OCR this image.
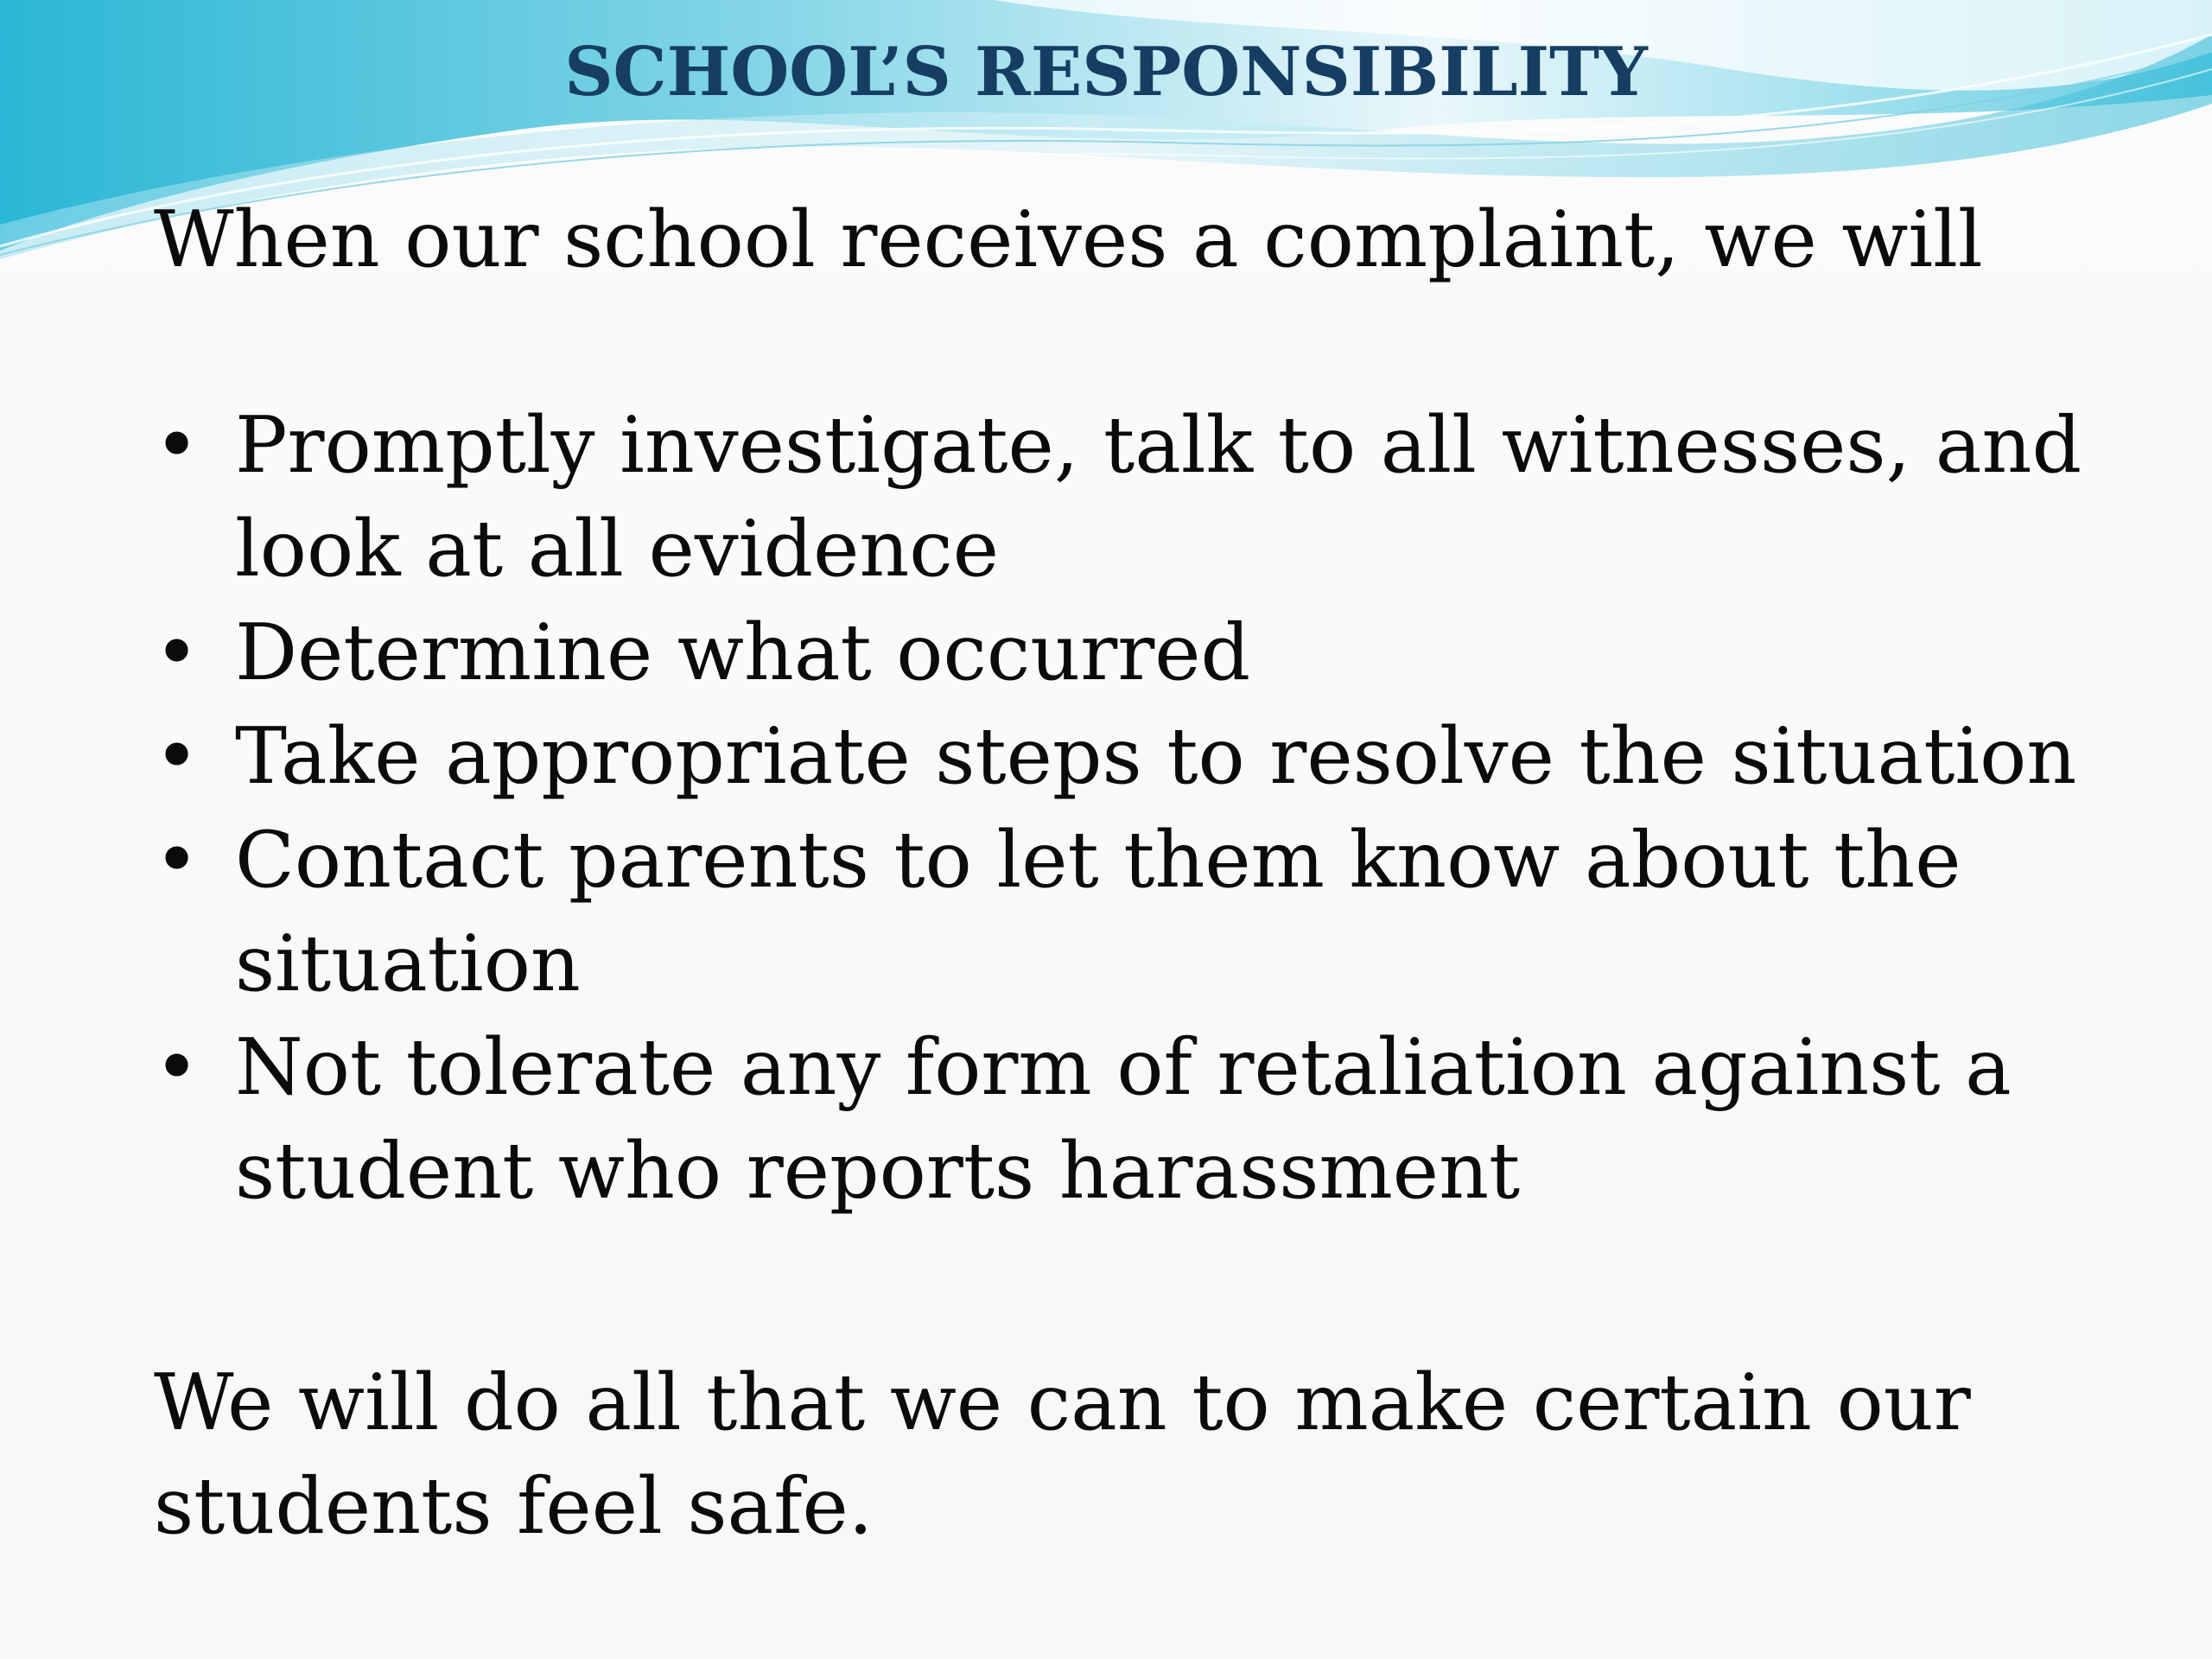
SCHOOL’S RESPONSIBILITY

When our school receives a complaint, we will

• Promptly investigate, talk to all witnesses, and look at all evidence
• Determine what occurred
• Take appropriate steps to resolve the situation
• Contact parents to let them know about the situation
• Not tolerate any form of retaliation against a student who reports harassment

We will do all that we can to make certain our students feel safe.
